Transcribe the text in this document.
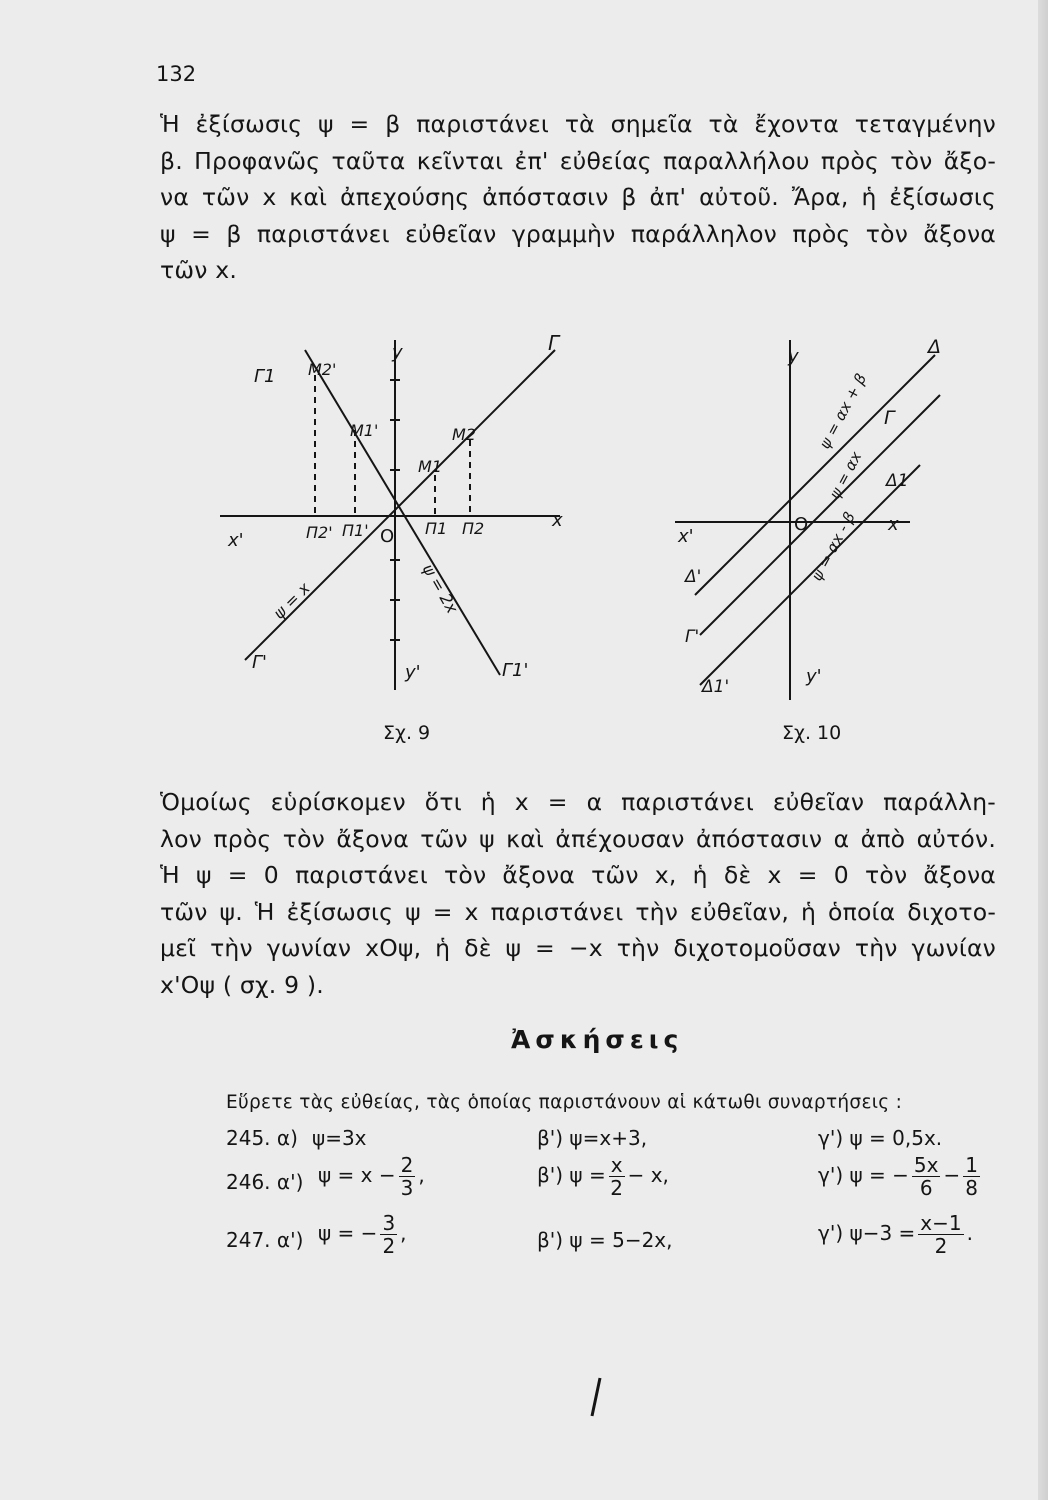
132
Ἡ ἐξίσωσις ψ = β παριστάνει τὰ σημεῖα τὰ ἔχοντα τεταγμένην
β. Προφανῶς ταῦτα κεῖνται ἐπ' εὐθείας παραλλήλου πρὸς τὸν ἄξο-
να τῶν x καὶ ἀπεχούσης ἀπόστασιν β ἀπ' αὐτοῦ. Ἄρα, ἡ ἐξίσωσις
ψ = β παριστάνει εὐθεῖαν γραμμὴν παράλληλον πρὸς τὸν ἄξονα
τῶν x.
Γ1 M2'
y	Γ
M1'	M2
M1
x'	Π2' Π1' O Π1 Π2	x
ψ = x	ψ = 2x
Γ'	y'	Γ1'
Σχ. 9
y	Δ
ψ = αx + β Γ
ψ = αx Δ1
x'
O	x
ψ = αx - β
Δ'
Γ'
Δ1'	y'
Σχ. 10
Ὁμοίως εὑρίσκομεν ὅτι ἡ x = α παριστάνει εὐθεῖαν παράλλη-
λον πρὸς τὸν ἄξονα τῶν ψ καὶ ἀπέχουσαν ἀπόστασιν α ἀπὸ αὐτόν.
Ἡ ψ = 0 παριστάνει τὸν ἄξονα τῶν x, ἡ δὲ x = 0 τὸν ἄξονα
τῶν ψ. Ἡ ἐξίσωσις ψ = x παριστάνει τὴν εὐθεῖαν, ἡ ὁποία διχοτο-
μεῖ τὴν γωνίαν xOψ, ἡ δὲ ψ = −x τὴν διχοτομοῦσαν τὴν γωνίαν
x'Oψ ( σχ. 9 ).
Ἀσκήσεις
Εὕρετε τὰς εὐθείας, τὰς ὁποίας παριστάνουν αἱ κάτωθι συναρτήσεις :
245. α) ψ=3x	β') ψ=x+3,	γ') ψ = 0,5x.
246. α') $\psi = x - \frac{2}{3}$ ,	β') $\psi = \frac{x}{2} - x$,	γ') ψ = − $\frac{5x}{6} - \frac{1}{8}$
247. α') ψ = − $\frac{3}{2}$ ,	β') ψ = 5−2x,	γ') $\psi-3 = \frac{x-1}{2}$ .
